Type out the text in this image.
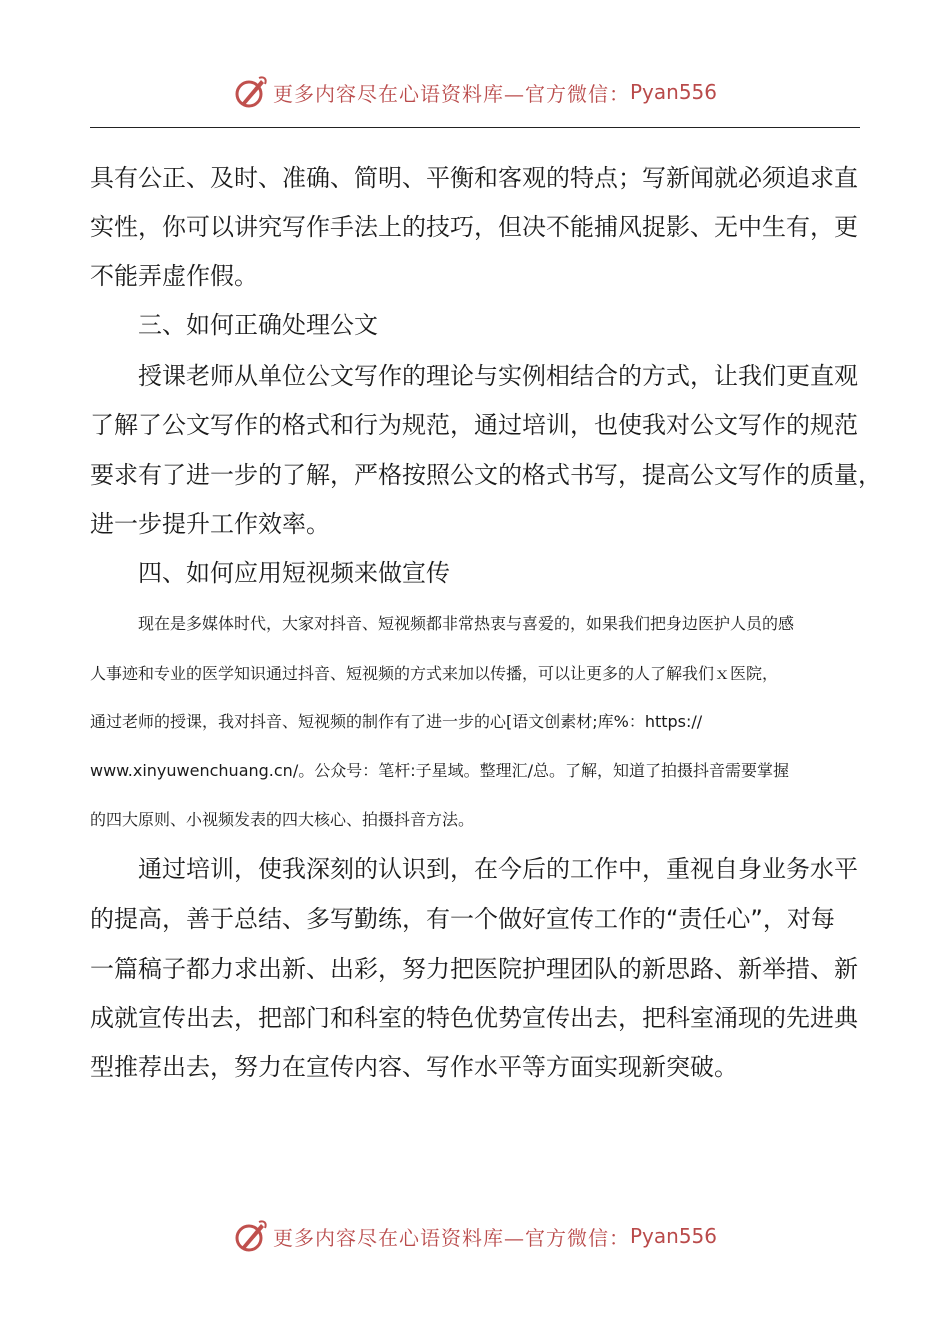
更多内容尽在心语资料库—官方微信： Pyan556

具有公正、及时、准确、简明、平衡和客观的特点；写新闻就必须追求直

实性，你可以讲究写作手法上的技巧，但决不能捕风捉影、无中生有，更

不能弄虚作假。

三、如何正确处理公文

授课老师从单位公文写作的理论与实例相结合的方式，让我们更直观

了解了公文写作的格式和行为规范，通过培训，也使我对公文写作的规范

要求有了进一步的了解，严格按照公文的格式书写，提高公文写作的质量，

进一步提升工作效率。

四、如何应用短视频来做宣传

现在是多媒体时代，大家对抖音、短视频都非常热衷与喜爱的，如果我们把身边医护人员的感

人事迹和专业的医学知识通过抖音、短视频的方式来加以传播，可以让更多的人了解我们ｘ医院，

通过老师的授课，我对抖音、短视频的制作有了进一步的心[语文创素材;库%：https://

www.xinyuwenchuang.cn/。公众号：笔杆:子星域。整理汇/总。了解，知道了拍摄抖音需要掌握

的四大原则、小视频发表的四大核心、拍摄抖音方法。

通过培训，使我深刻的认识到，在今后的工作中，重视自身业务水平

的提高，善于总结、多写勤练，有一个做好宣传工作的“责任心”，对每

一篇稿子都力求出新、出彩，努力把医院护理团队的新思路、新举措、新

成就宣传出去，把部门和科室的特色优势宣传出去，把科室涌现的先进典

型推荐出去，努力在宣传内容、写作水平等方面实现新突破。

更多内容尽在心语资料库—官方微信： Pyan556
